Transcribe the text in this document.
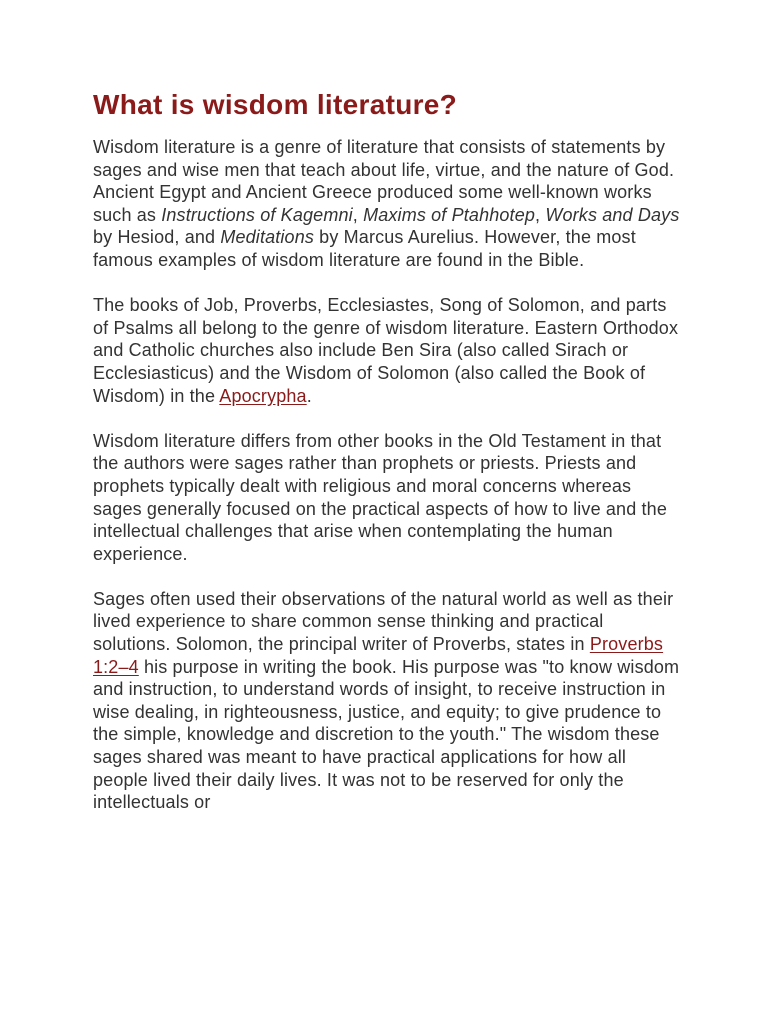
What is wisdom literature?

Wisdom literature is a genre of literature that consists of statements by sages and wise men that teach about life, virtue, and the nature of God. Ancient Egypt and Ancient Greece produced some well-known works such as Instructions of Kagemni, Maxims of Ptahhotep, Works and Days by Hesiod, and Meditations by Marcus Aurelius. However, the most famous examples of wisdom literature are found in the Bible.

The books of Job, Proverbs, Ecclesiastes, Song of Solomon, and parts of Psalms all belong to the genre of wisdom literature. Eastern Orthodox and Catholic churches also include Ben Sira (also called Sirach or Ecclesiasticus) and the Wisdom of Solomon (also called the Book of Wisdom) in the Apocrypha.

Wisdom literature differs from other books in the Old Testament in that the authors were sages rather than prophets or priests. Priests and prophets typically dealt with religious and moral concerns whereas sages generally focused on the practical aspects of how to live and the intellectual challenges that arise when contemplating the human experience.

Sages often used their observations of the natural world as well as their lived experience to share common sense thinking and practical solutions. Solomon, the principal writer of Proverbs, states in Proverbs 1:2–4 his purpose in writing the book. His purpose was "to know wisdom and instruction, to understand words of insight, to receive instruction in wise dealing, in righteousness, justice, and equity; to give prudence to the simple, knowledge and discretion to the youth." The wisdom these sages shared was meant to have practical applications for how all people lived their daily lives. It was not to be reserved for only the intellectuals or
